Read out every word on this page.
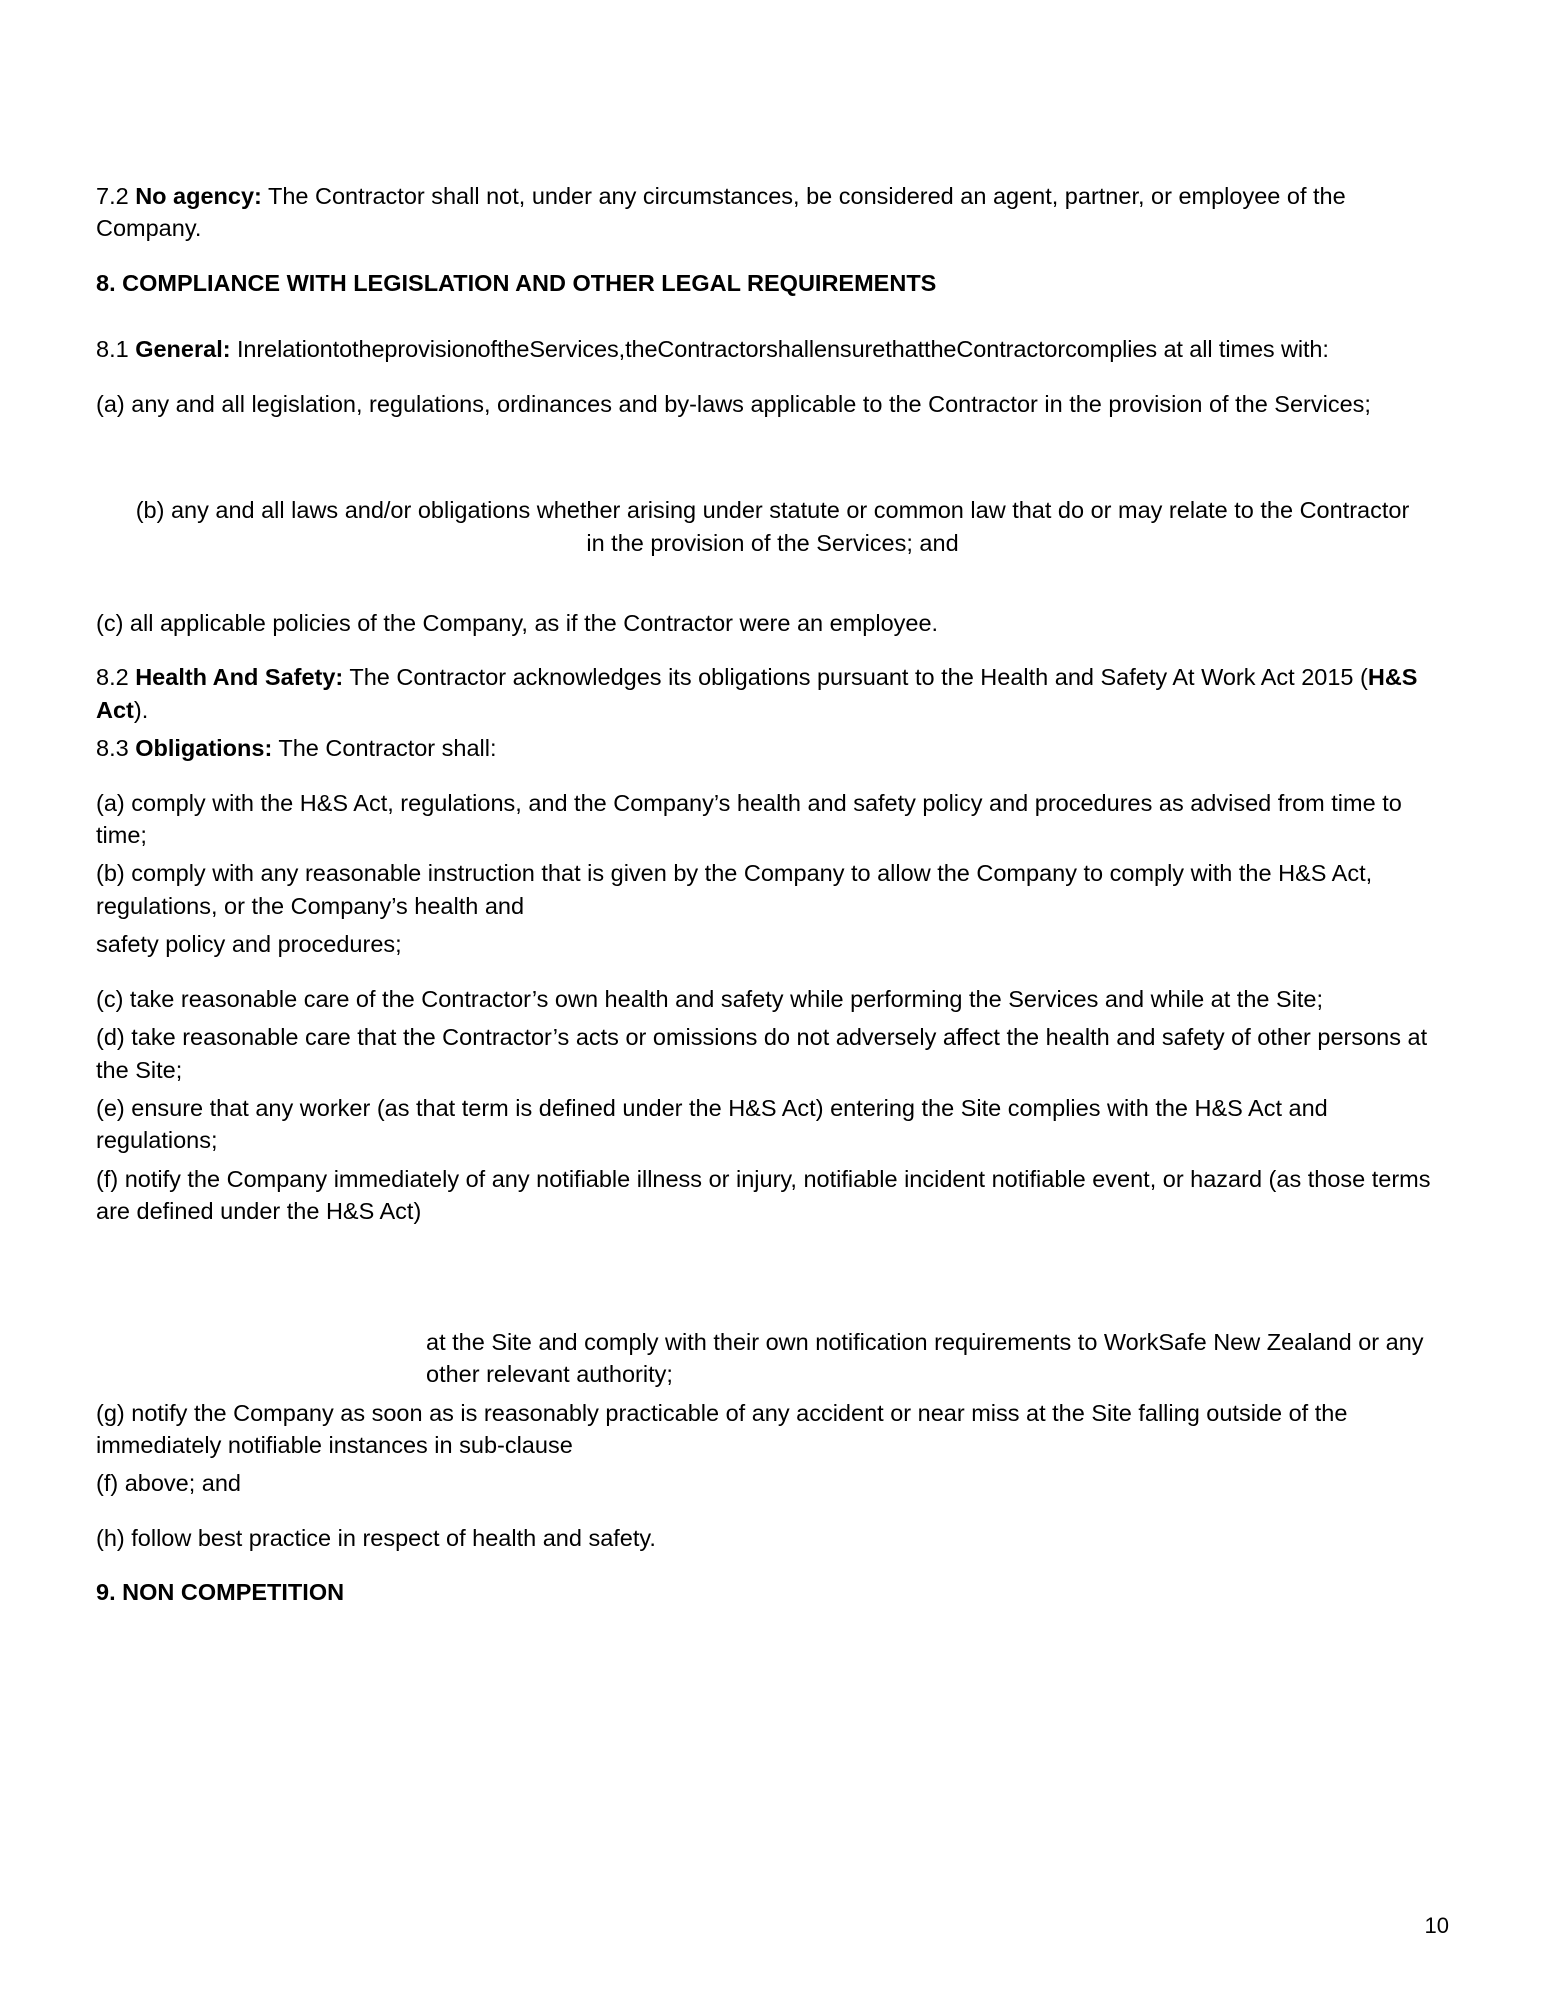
7.2 No agency: The Contractor shall not, under any circumstances, be considered an agent, partner, or employee of the Company.

8. COMPLIANCE WITH LEGISLATION AND OTHER LEGAL REQUIREMENTS

8.1 General: InrelationtotheprovisionoftheServices,theContractorshallensurethattheContractorcomplies at all times with:

(a) any and all legislation, regulations, ordinances and by-laws applicable to the Contractor in the provision of the Services;

(b) any and all laws and/or obligations whether arising under statute or common law that do or may relate to the Contractor in the provision of the Services; and

(c) all applicable policies of the Company, as if the Contractor were an employee.

8.2 Health And Safety: The Contractor acknowledges its obligations pursuant to the Health and Safety At Work Act 2015 (H&S Act).

8.3 Obligations: The Contractor shall:

(a) comply with the H&S Act, regulations, and the Company’s health and safety policy and procedures as advised from time to time;

(b) comply with any reasonable instruction that is given by the Company to allow the Company to comply with the H&S Act, regulations, or the Company’s health and

safety policy and procedures;

(c) take reasonable care of the Contractor’s own health and safety while performing the Services and while at the Site;

(d) take reasonable care that the Contractor’s acts or omissions do not adversely affect the health and safety of other persons at the Site;

(e) ensure that any worker (as that term is defined under the H&S Act) entering the Site complies with the H&S Act and regulations;

(f) notify the Company immediately of any notifiable illness or injury, notifiable incident notifiable event, or hazard (as those terms are defined under the H&S Act)

at the Site and comply with their own notification requirements to WorkSafe New Zealand or any other relevant authority;

(g) notify the Company as soon as is reasonably practicable of any accident or near miss at the Site falling outside of the immediately notifiable instances in sub-clause

(f) above; and

(h) follow best practice in respect of health and safety.

9. NON COMPETITION
10
